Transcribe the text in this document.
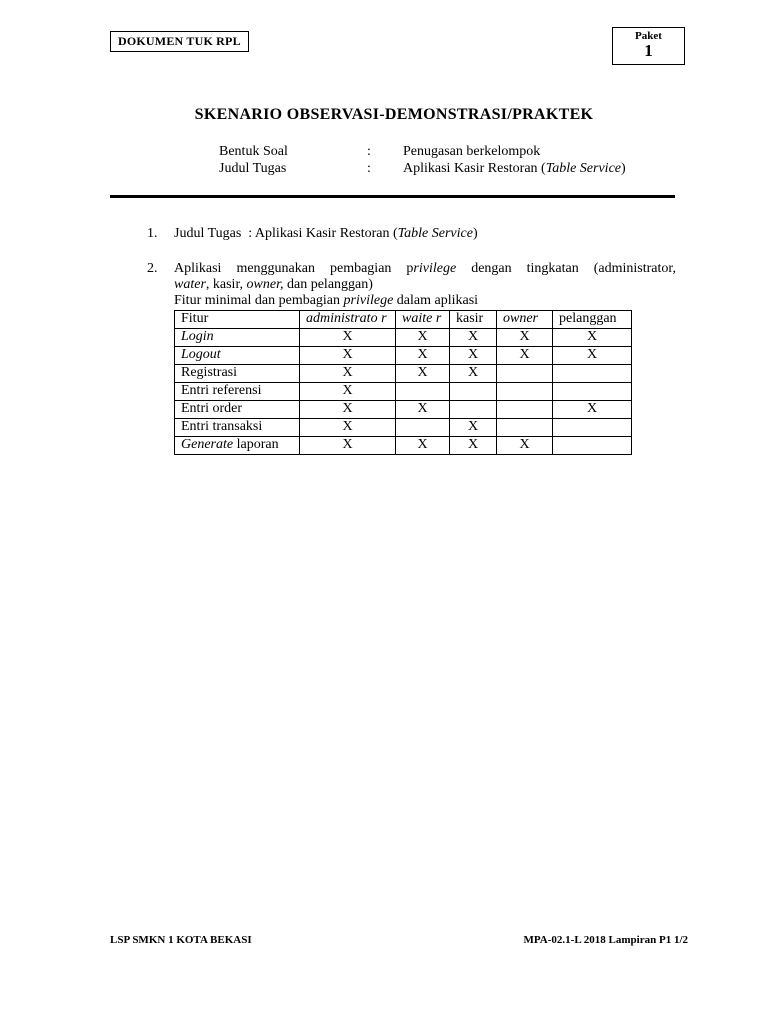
DOKUMEN TUK RPL	Paket
1
SKENARIO OBSERVASI-DEMONSTRASI/PRAKTEK
Bentuk Soal	: Penugasan berkelompok
Judul Tugas	: Aplikasi Kasir Restoran (Table Service)
1. Judul Tugas  : Aplikasi Kasir Restoran (Table Service)
2. Aplikasi menggunakan pembagian privilege dengan tingkatan (administrator,
water, kasir, owner, dan pelanggan)
Fitur minimal dan pembagian privilege dalam aplikasi
Fitur	administrato r	waite r	kasir	owner	pelanggan
Login	X	X	X	X	X
Logout	X	X	X	X	X
Registrasi	X	X	X		
Entri referensi	X				
Entri order	X	X			X
Entri transaksi	X		X		
Generate laporan	X	X	X	X	
LSP SMKN 1 KOTA BEKASI	MPA-02.1-L 2018 Lampiran P1 1/2
